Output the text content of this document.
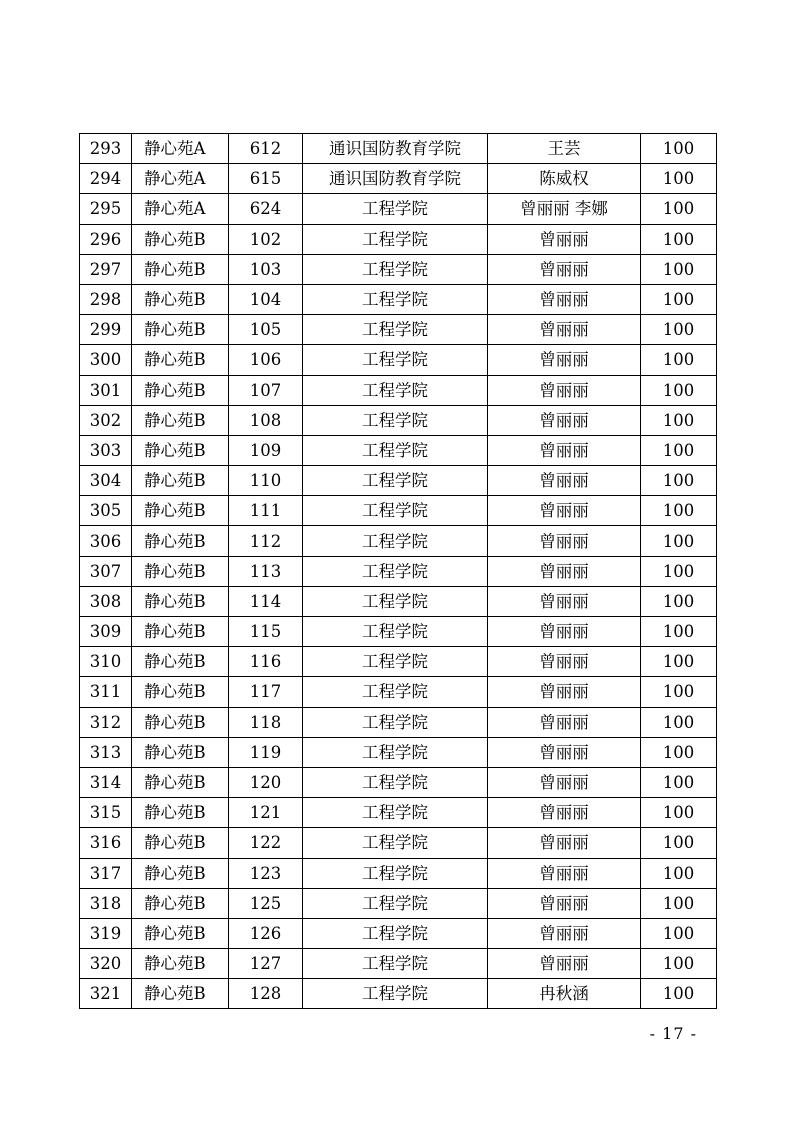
293	静心苑A	612	通识国防教育学院	王芸	100
294	静心苑A	615	通识国防教育学院	陈威权	100
295	静心苑A	624	工程学院	曾丽丽 李娜	100
296	静心苑B	102	工程学院	曾丽丽	100
297	静心苑B	103	工程学院	曾丽丽	100
298	静心苑B	104	工程学院	曾丽丽	100
299	静心苑B	105	工程学院	曾丽丽	100
300	静心苑B	106	工程学院	曾丽丽	100
301	静心苑B	107	工程学院	曾丽丽	100
302	静心苑B	108	工程学院	曾丽丽	100
303	静心苑B	109	工程学院	曾丽丽	100
304	静心苑B	110	工程学院	曾丽丽	100
305	静心苑B	111	工程学院	曾丽丽	100
306	静心苑B	112	工程学院	曾丽丽	100
307	静心苑B	113	工程学院	曾丽丽	100
308	静心苑B	114	工程学院	曾丽丽	100
309	静心苑B	115	工程学院	曾丽丽	100
310	静心苑B	116	工程学院	曾丽丽	100
311	静心苑B	117	工程学院	曾丽丽	100
312	静心苑B	118	工程学院	曾丽丽	100
313	静心苑B	119	工程学院	曾丽丽	100
314	静心苑B	120	工程学院	曾丽丽	100
315	静心苑B	121	工程学院	曾丽丽	100
316	静心苑B	122	工程学院	曾丽丽	100
317	静心苑B	123	工程学院	曾丽丽	100
318	静心苑B	125	工程学院	曾丽丽	100
319	静心苑B	126	工程学院	曾丽丽	100
320	静心苑B	127	工程学院	曾丽丽	100
321	静心苑B	128	工程学院	冉秋涵	100
- 17 -
